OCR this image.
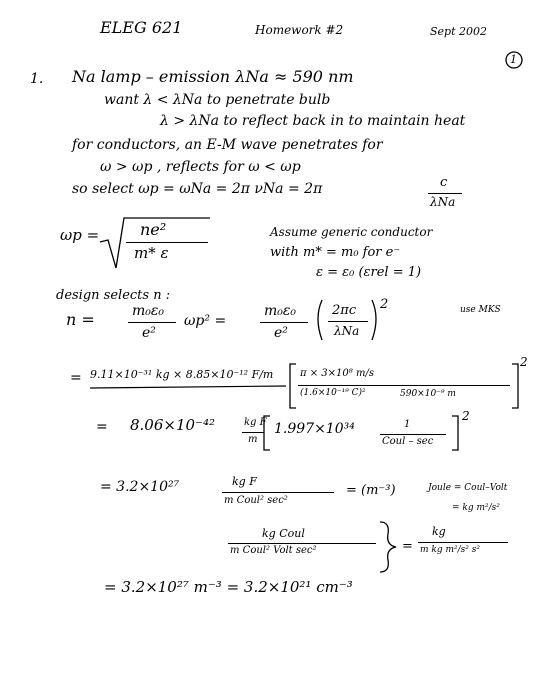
ELEG 621	Homework #2	Sept 2002
1
1. Na lamp – emission λNa ≈ 590 nm
want λ < λNa to penetrate bulb
λ > λNa to reflect back in to maintain heat
for conductors, an E-M wave penetrates for
ω > ωp , reflects for ω < ωp
so select ωp = ωNa = 2π νNa = 2π	c
λNa
ωp =	ne²
m* ε
Assume generic conductor
with m* = m₀ for e⁻
ε = ε₀ (εrel = 1)
design selects n :
n =	m₀ε₀
e²
ωp² =
m₀ε₀
e²
2πc
λNa
2	use MKS
= 9.11×10⁻³¹ kg × 8.85×10⁻¹² F/m	π × 3×10⁸ m/s
(1.6×10⁻¹⁹ C)²	590×10⁻⁹ m
2
= 8.06×10⁻⁴²	kg F
m
1.997×10³⁴	1
Coul – sec
2
= 3.2×10²⁷	kg F
m Coul² sec²
= (m⁻³)	Joule = Coul–Volt
= kg m²/s²
kg Coul
m Coul² Volt sec²	=
kg
m kg m²/s² s²
= 3.2×10²⁷ m⁻³ = 3.2×10²¹ cm⁻³
